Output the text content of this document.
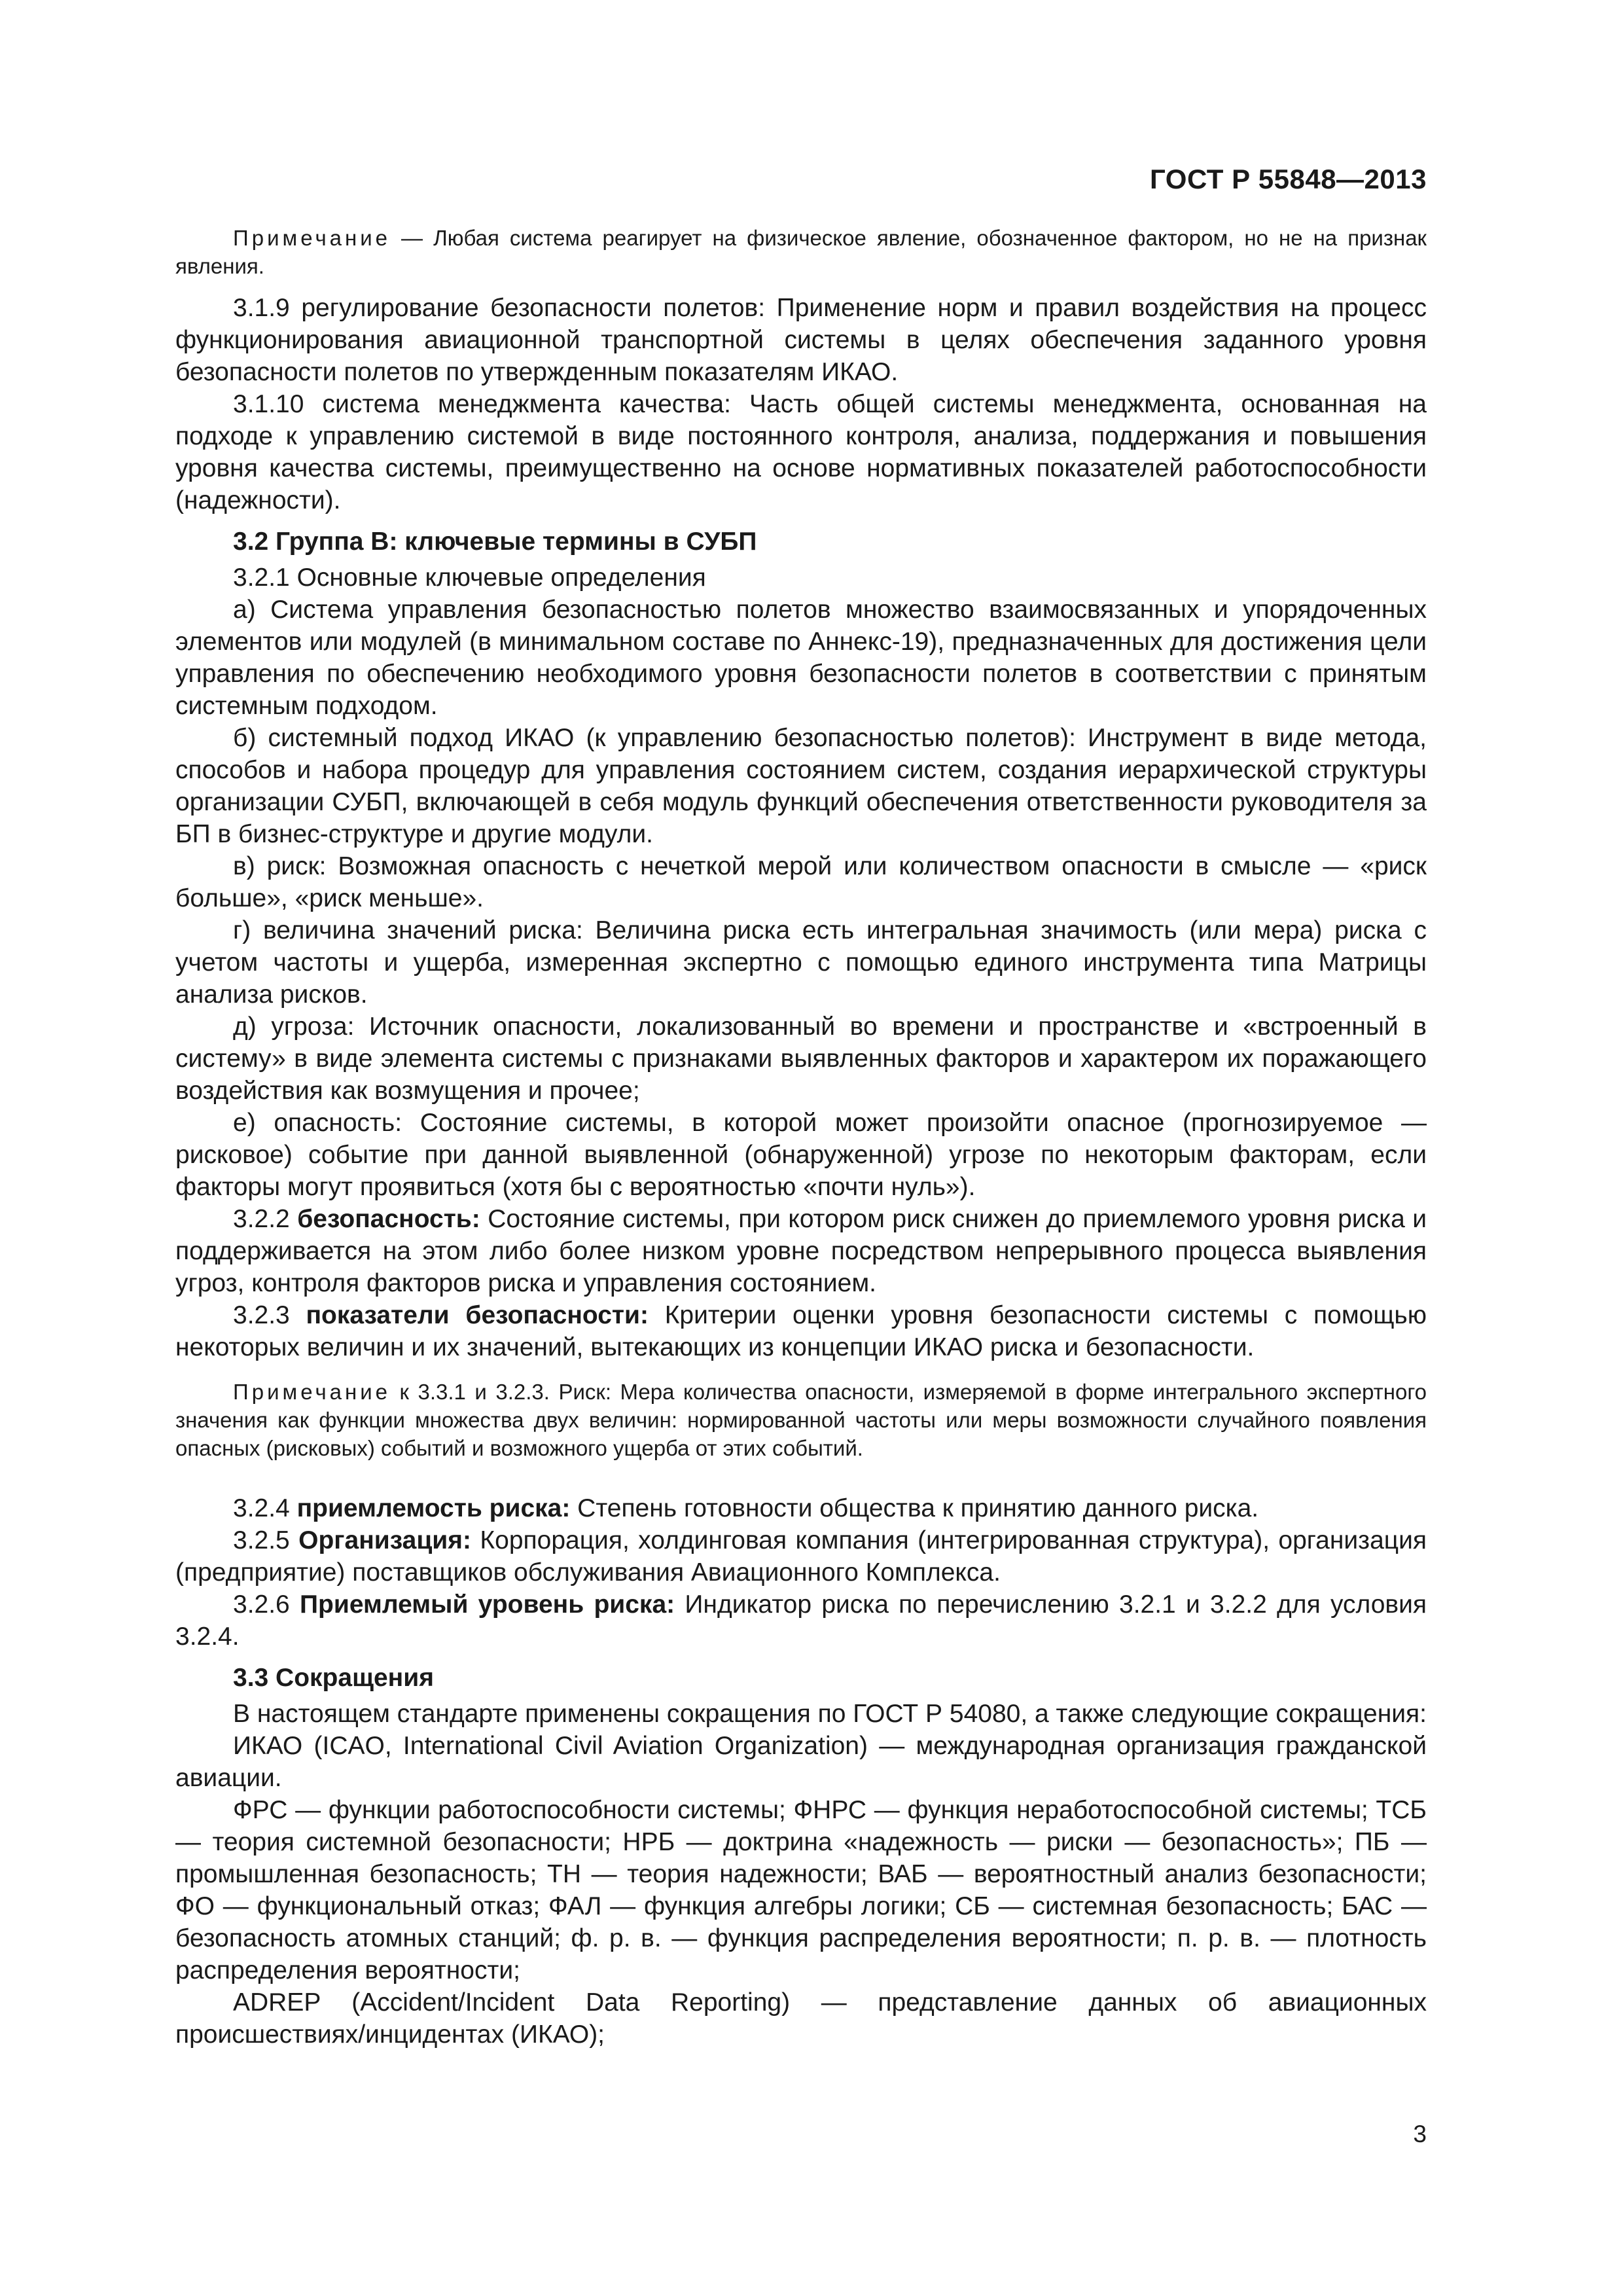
ГОСТ Р 55848—2013

Примечание — Любая система реагирует на физическое явление, обозначенное фактором, но не на признак явления.

3.1.9 регулирование безопасности полетов: Применение норм и правил воздействия на процесс функционирования авиационной транспортной системы в целях обеспечения заданного уровня безопасности полетов по утвержденным показателям ИКАО.

3.1.10 система менеджмента качества: Часть общей системы менеджмента, основанная на подходе к управлению системой в виде постоянного контроля, анализа, поддержания и повышения уровня качества системы, преимущественно на основе нормативных показателей работоспособности (надежности).

3.2 Группа В: ключевые термины в СУБП

3.2.1 Основные ключевые определения

а) Система управления безопасностью полетов множество взаимосвязанных и упорядоченных элементов или модулей (в минимальном составе по Аннекс-19), предназначенных для достижения цели управления по обеспечению необходимого уровня безопасности полетов в соответствии с принятым системным подходом.

б) системный подход ИКАО (к управлению безопасностью полетов): Инструмент в виде метода, способов и набора процедур для управления состоянием систем, создания иерархической структуры организации СУБП, включающей в себя модуль функций обеспечения ответственности руководителя за БП в бизнес-структуре и другие модули.

в) риск: Возможная опасность с нечеткой мерой или количеством опасности в смысле — «риск больше», «риск меньше».

г) величина значений риска: Величина риска есть интегральная значимость (или мера) риска с учетом частоты и ущерба, измеренная экспертно с помощью единого инструмента типа Матрицы анализа рисков.

д) угроза: Источник опасности, локализованный во времени и пространстве и «встроенный в систему» в виде элемента системы с признаками выявленных факторов и характером их поражающего воздействия как возмущения и прочее;

е) опасность: Состояние системы, в которой может произойти опасное (прогнозируемое — рисковое) событие при данной выявленной (обнаруженной) угрозе по некоторым факторам, если факторы могут проявиться (хотя бы с вероятностью «почти нуль»).

3.2.2 безопасность: Состояние системы, при котором риск снижен до приемлемого уровня риска и поддерживается на этом либо более низком уровне посредством непрерывного процесса выявления угроз, контроля факторов риска и управления состоянием.

3.2.3 показатели безопасности: Критерии оценки уровня безопасности системы с помощью некоторых величин и их значений, вытекающих из концепции ИКАО риска и безопасности.

Примечание к 3.3.1 и 3.2.3. Риск: Мера количества опасности, измеряемой в форме интегрального экспертного значения как функции множества двух величин: нормированной частоты или меры возможности случайного появления опасных (рисковых) событий и возможного ущерба от этих событий.

3.2.4 приемлемость риска: Степень готовности общества к принятию данного риска.

3.2.5 Организация: Корпорация, холдинговая компания (интегрированная структура), организация (предприятие) поставщиков обслуживания Авиационного Комплекса.

3.2.6 Приемлемый уровень риска: Индикатор риска по перечислению 3.2.1 и 3.2.2 для условия 3.2.4.

3.3 Сокращения

В настоящем стандарте применены сокращения по ГОСТ Р 54080, а также следующие сокращения:

ИКАО (ICAO, International Civil Aviation Organization) — международная организация гражданской авиации.

ФРС — функции работоспособности системы; ФНРС — функция неработоспособной системы; ТСБ — теория системной безопасности; НРБ — доктрина «надежность — риски — безопасность»; ПБ — промышленная безопасность; ТН — теория надежности; ВАБ — вероятностный анализ безопасности; ФО — функциональный отказ; ФАЛ — функция алгебры логики; СБ — системная безопасность; БАС — безопасность атомных станций; ф. р. в. — функция распределения вероятности; п. р. в. — плотность распределения вероятности;

ADREP (Accident/Incident Data Reporting) — представление данных об авиационных происшествиях/инцидентах (ИКАО);

3
